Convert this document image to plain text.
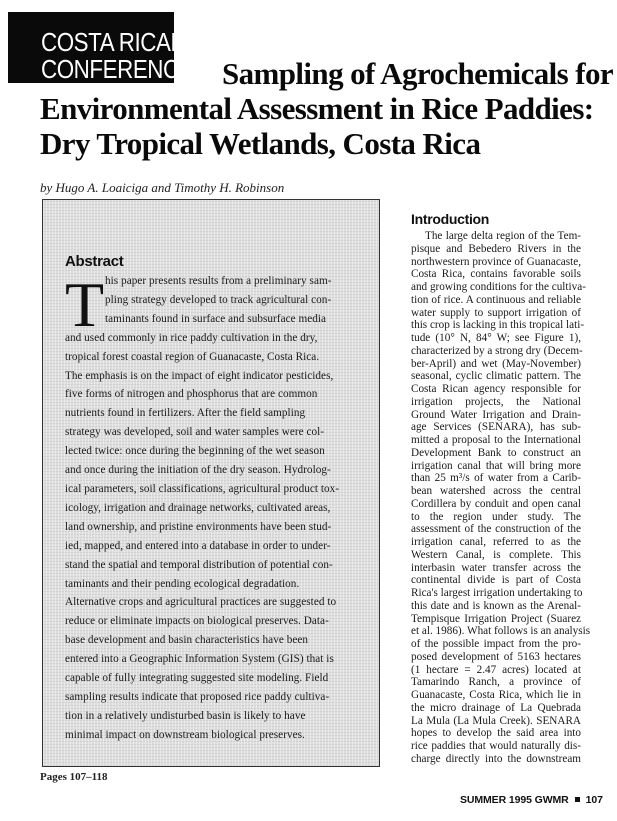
COSTA RICAN
CONFERENCE Sampling of Agrochemicals for
Environmental Assessment in Rice Paddies:
Dry Tropical Wetlands, Costa Rica
by Hugo A. Loaiciga and Timothy H. Robinson
Abstract
T his paper presents results from a preliminary sam-
pling strategy developed to track agricultural con-
taminants found in surface and subsurface media
and used commonly in rice paddy cultivation in the dry,
tropical forest coastal region of Guanacaste, Costa Rica.
The emphasis is on the impact of eight indicator pesticides,
five forms of nitrogen and phosphorus that are common
nutrients found in fertilizers. After the field sampling
strategy was developed, soil and water samples were col-
lected twice: once during the beginning of the wet season
and once during the initiation of the dry season. Hydrolog-
ical parameters, soil classifications, agricultural product tox-
icology, irrigation and drainage networks, cultivated areas,
land ownership, and pristine environments have been stud-
ied, mapped, and entered into a database in order to under-
stand the spatial and temporal distribution of potential con-
taminants and their pending ecological degradation.
Alternative crops and agricultural practices are suggested to
reduce or eliminate impacts on biological preserves. Data-
base development and basin characteristics have been
entered into a Geographic Information System (GIS) that is
capable of fully integrating suggested site modeling. Field
sampling results indicate that proposed rice paddy cultiva-
tion in a relatively undisturbed basin is likely to have
minimal impact on downstream biological preserves.
Introduction
The large delta region of the Tem-
pisque and Bebedero Rivers in the
northwestern province of Guanacaste,
Costa Rica, contains favorable soils
and growing conditions for the cultiva-
tion of rice. A continuous and reliable
water supply to support irrigation of
this crop is lacking in this tropical lati-
tude (10° N, 84° W; see Figure 1),
characterized by a strong dry (Decem-
ber-April) and wet (May-November)
seasonal, cyclic climatic pattern. The
Costa Rican agency responsible for
irrigation projects, the National
Ground Water Irrigation and Drain-
age Services (SENARA), has sub-
mitted a proposal to the International
Development Bank to construct an
irrigation canal that will bring more
than 25 m³/s of water from a Carib-
bean watershed across the central
Cordillera by conduit and open canal
to the region under study. The
assessment of the construction of the
irrigation canal, referred to as the
Western Canal, is complete. This
interbasin water transfer across the
continental divide is part of Costa
Rica's largest irrigation undertaking to
this date and is known as the Arenal-
Tempisque Irrigation Project (Suarez
et al. 1986). What follows is an analysis
of the possible impact from the pro-
posed development of 5163 hectares
(1 hectare = 2.47 acres) located at
Tamarindo Ranch, a province of
Guanacaste, Costa Rica, which lie in
the micro drainage of La Quebrada
La Mula (La Mula Creek). SENARA
hopes to develop the said area into
rice paddies that would naturally dis-
charge directly into the downstream
Pages 107–118
SUMMER 1995 GWMR 107
